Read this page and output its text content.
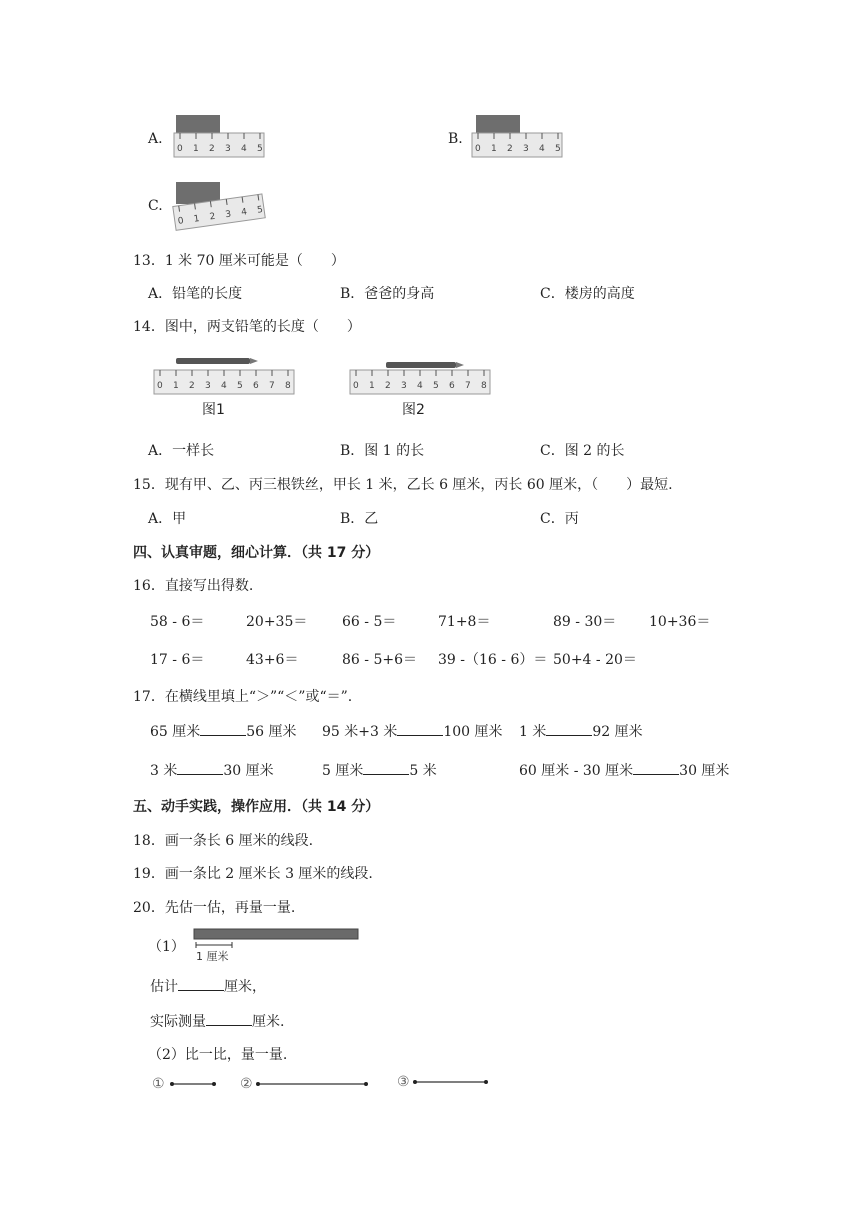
A.
0 1 2 3 4 5
B.
0 1 2 3 4 5
C.
0 1 2 3 4 5
13．1 米 70 厘米可能是（　　）
A．铅笔的长度	B．爸爸的身高	C．楼房的高度
14．图中，两支铅笔的长度（　　）
0 1 2 3 4 5 6 7 8
图1
0 1 2 3 4 5 6 7 8
图2
A．一样长	B．图 1 的长	C．图 2 的长
15．现有甲、乙、丙三根铁丝，甲长 1 米，乙长 6 厘米，丙长 60 厘米，（　　）最短.
A．甲	B．乙	C．丙
四、认真审题，细心计算．（共 17 分）
16．直接写出得数.
58 - 6＝	20+35＝ 66 - 5＝	71+8＝	89 - 30＝ 10+36＝
17 - 6＝	43+6＝	86 - 5+6＝ 39 -（16 - 6）＝ 50+4 - 20＝
17．在横线里填上“＞”“＜”或“＝”.
65 厘米	56 厘米 95 米+3 米	100 厘米 1 米	92 厘米
3 米	30 厘米	5 厘米	5 米	60 厘米 - 30 厘米	30 厘米
五、动手实践，操作应用．（共 14 分）
18．画一条长 6 厘米的线段.
19．画一条比 2 厘米长 3 厘米的线段.
20．先估一估，再量一量.
（1）
1 厘米
估计	厘米，
实际测量	厘米.
（2）比一比，量一量.
①	②	③
